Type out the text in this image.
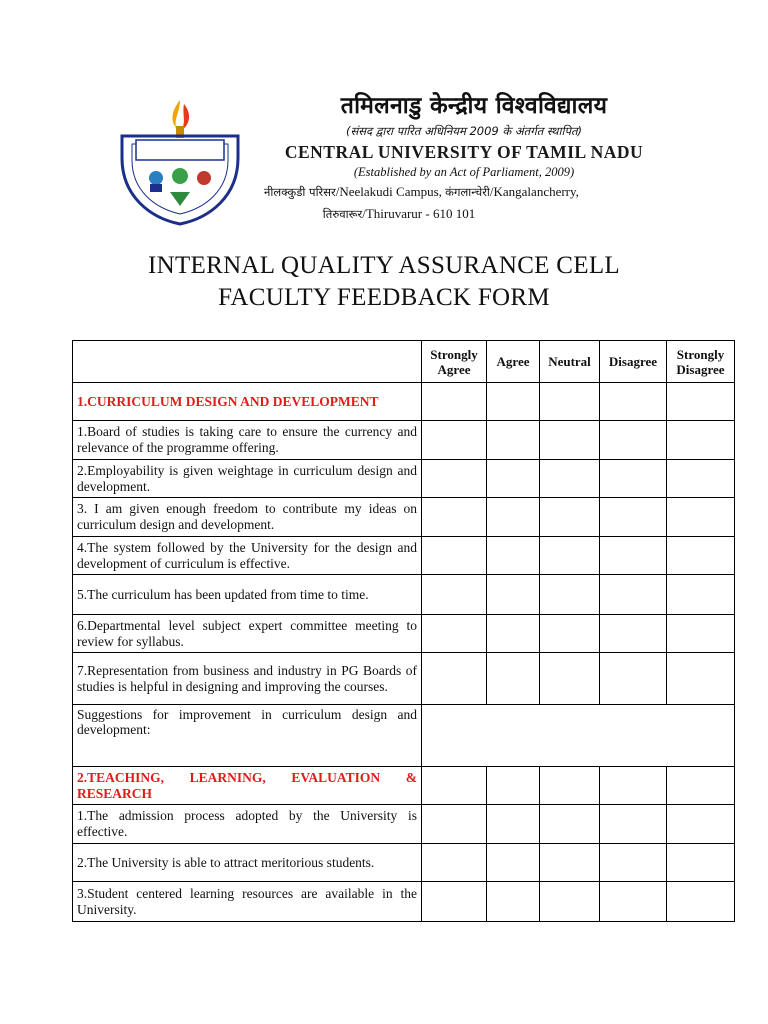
तमिलनाडु केन्द्रीय विश्वविद्यालय
(संसद द्वारा पारित अधिनियम 2009 के अंतर्गत स्थापित)
CENTRAL UNIVERSITY OF TAMIL NADU
(Established by an Act of Parliament, 2009)
नीलक्कुडी परिसर/Neelakudi Campus, कंगलान्चेरी/Kangalancherry,
तिरुवारूर/Thiruvarur - 610 101
INTERNAL QUALITY ASSURANCE CELL
FACULTY FEEDBACK FORM
	Strongly Agree	Agree	Neutral	Disagree	Strongly Disagree
1.CURRICULUM DESIGN AND DEVELOPMENT					
1.Board of studies is taking care to ensure the currency and relevance of the programme offering.					
2.Employability is given weightage in curriculum design and development.					
3. I am given enough freedom to contribute my ideas on curriculum design and development.					
4.The system followed by the University for the design and development of curriculum is effective.					
5.The curriculum has been updated from time to time.					
6.Departmental level subject expert committee meeting to review for syllabus.					
7.Representation from business and industry in PG Boards of studies is helpful in designing and improving the courses.					
Suggestions for improvement in curriculum design and development:					
2.TEACHING, LEARNING, EVALUATION & RESEARCH					
1.The admission process adopted by the University is effective.					
2.The University is able to attract meritorious students.					
3.Student centered learning resources are available in the University.					
